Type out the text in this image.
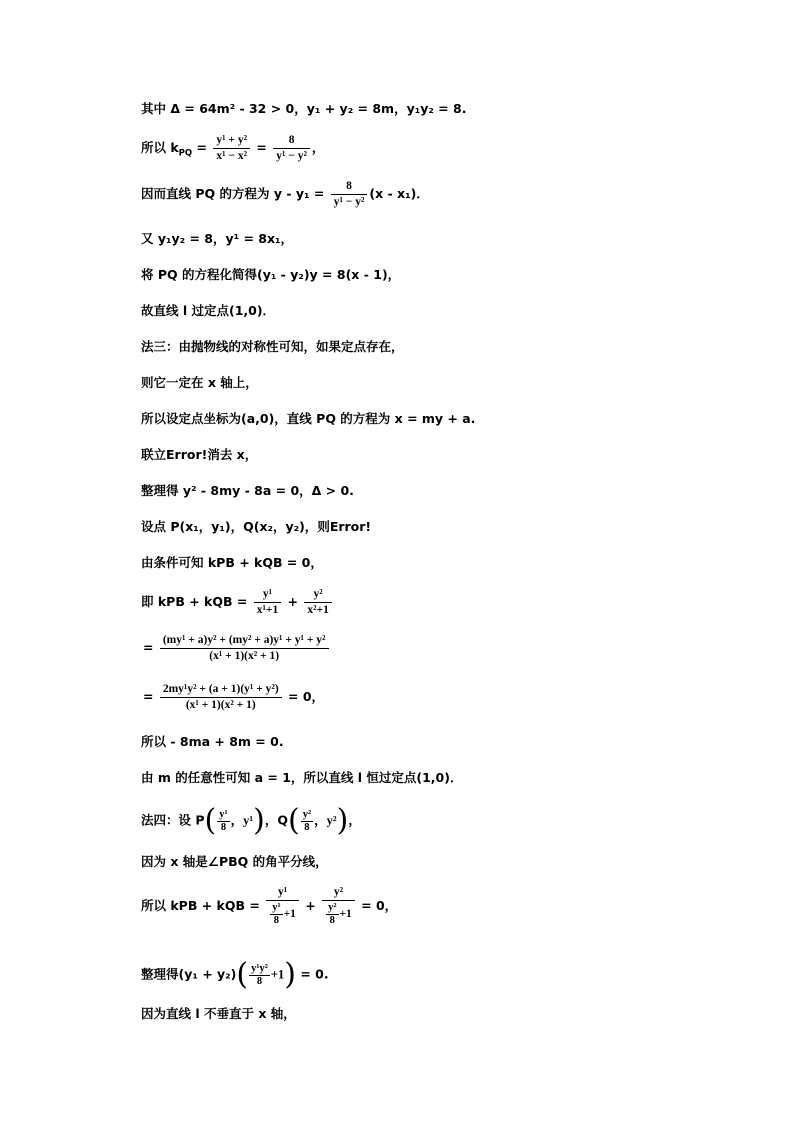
其中 Δ = 64m² - 32 > 0，y₁ + y₂ = 8m，y₁y₂ = 8.
所以 $k_{PQ} = \frac{\text{y¹ + y²}}{\text{x¹ − x²}} = \frac{8}{\text{y¹ − y²}}$ ，
因而直线 PQ 的方程为 $y - y_1 = \frac{8}{\text{y¹ − y²}} (x - x_1)$．
又 y₁y₂ = 8，y¹ = 8x₁，
将 PQ 的方程化简得(y₁ - y₂)y = 8(x - 1)，
故直线 l 过定点(1,0)．
法三：由抛物线的对称性可知，如果定点存在，
则它一定在 x 轴上，
所以设定点坐标为(a,0)，直线 PQ 的方程为 x = my + a.
联立Error!消去 x，
整理得 y² - 8my - 8a = 0，Δ > 0.
设点 P(x₁，y₁)，Q(x₂，y₂)，则Error!
由条件可知 kPB + kQB = 0，
即 kPB + kQB = $\frac{\text{y¹}}{\text{x¹+1}} + \frac{\text{y²}}{\text{x²+1}}$
= $\frac{\text{(my¹ + a)y² + (my² + a)y¹ + y¹ + y²}}{\text{(x¹ + 1)(x² + 1)}}$
= $\frac{\text{2my¹y² + (a + 1)(y¹ + y²)}}{\text{(x¹ + 1)(x² + 1)}} = 0$，
所以 - 8ma + 8m = 0.
由 m 的任意性可知 a = 1，所以直线 l 恒过定点(1,0)．
法四：设 $P( \frac{\text{y¹}}{8}$ ，y¹)，$Q( \frac{\text{y²}}{8}$ ，y²)，
因为 x 轴是∠PBQ 的角平分线，
所以 kPB + kQB = $\frac{\text{y¹}}{\frac{\text{y¹}}{8} +1} + \frac{\text{y²}}{\frac{\text{y²}}{8} +1} = 0$，
整理得$(y_1 + y_2)( \frac{\text{y¹y²}}{8} +1) = 0$.
因为直线 l 不垂直于 x 轴，
